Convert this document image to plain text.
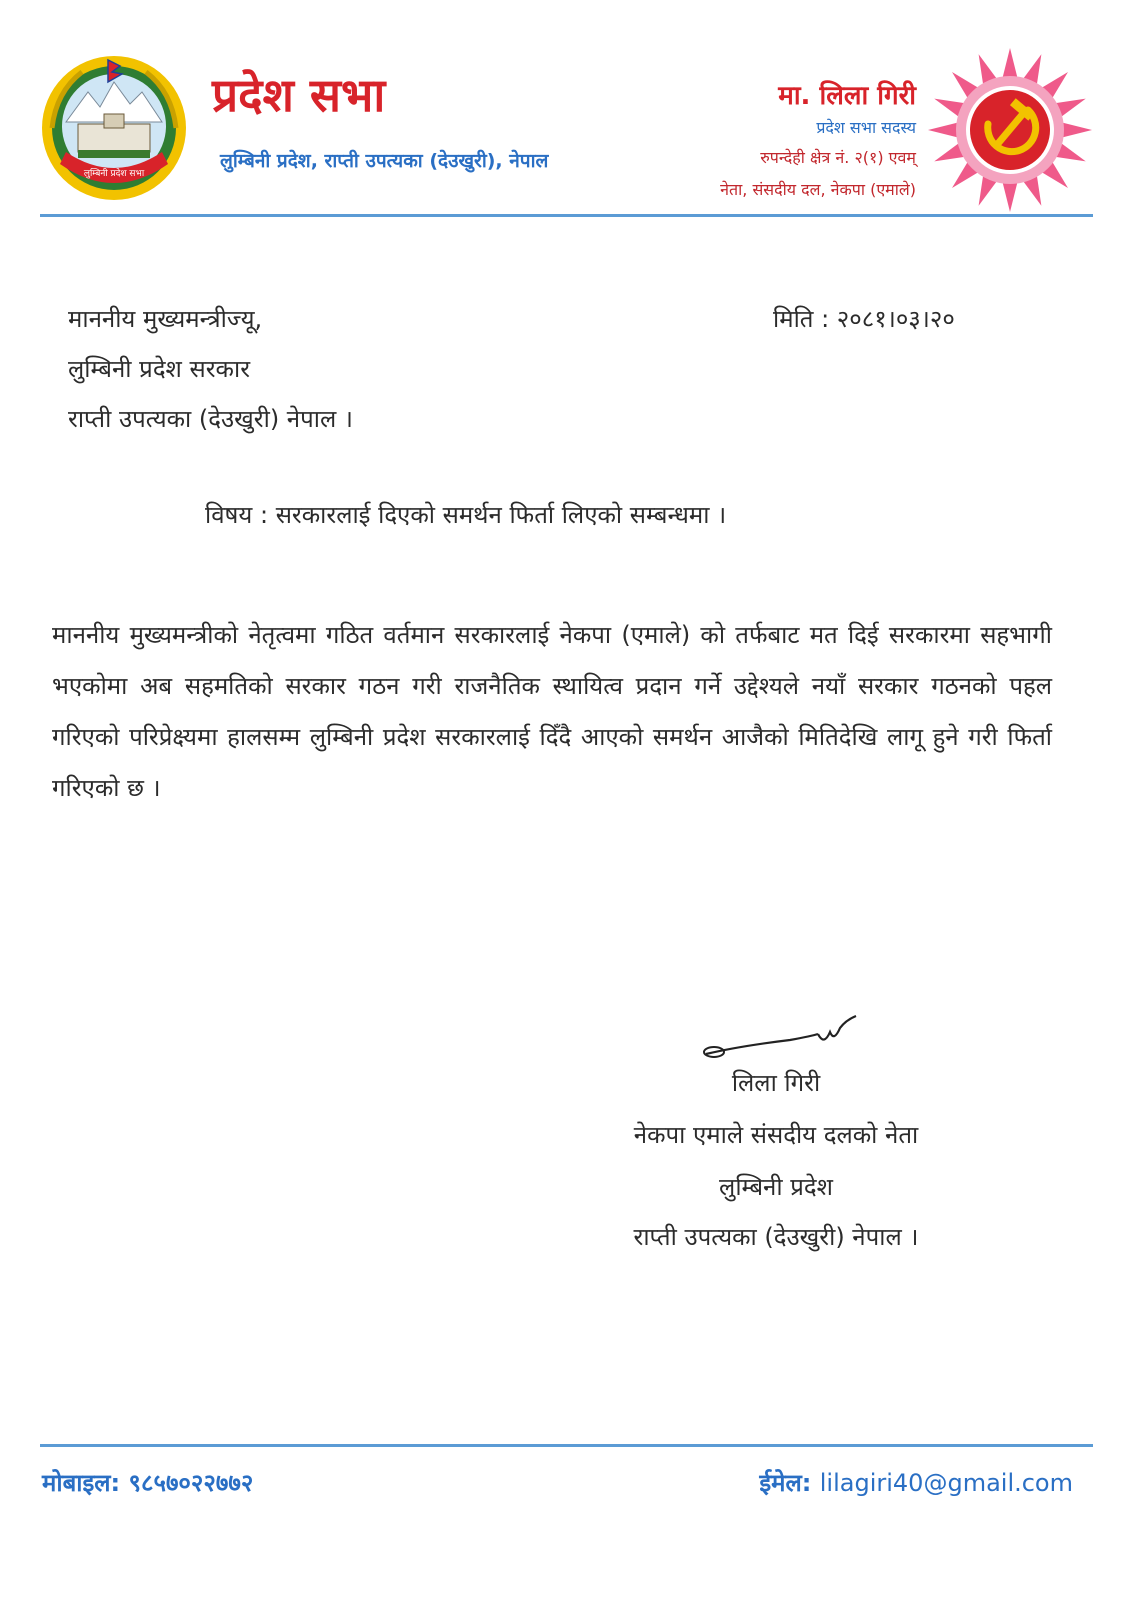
लुम्बिनी प्रदेश सभा
प्रदेश सभा
लुम्बिनी प्रदेश, राप्ती उपत्यका (देउखुरी), नेपाल
मा. लिला गिरी
प्रदेश सभा सदस्य
रुपन्देही क्षेत्र नं. २(१) एवम्
नेता, संसदीय दल, नेकपा (एमाले)
माननीय मुख्यमन्त्रीज्यू,
लुम्बिनी प्रदेश सरकार
राप्ती उपत्यका (देउखुरी) नेपाल ।
मिति : २०८१।०३।२०
विषय : सरकारलाई दिएको समर्थन फिर्ता लिएको सम्बन्धमा ।
माननीय मुख्यमन्त्रीको नेतृत्वमा गठित वर्तमान सरकारलाई नेकपा (एमाले) को तर्फबाट मत दिई सरकारमा सहभागी भएकोमा अब सहमतिको सरकार गठन गरी राजनैतिक स्थायित्व प्रदान गर्ने उद्देश्यले नयाँ सरकार गठनको पहल गरिएको परिप्रेक्ष्यमा हालसम्म लुम्बिनी प्रदेश सरकारलाई दिँदै आएको समर्थन आजैको मितिदेखि लागू हुने गरी फिर्ता गरिएको छ ।
लिला गिरी
नेकपा एमाले संसदीय दलको नेता
लुम्बिनी प्रदेश
राप्ती उपत्यका (देउखुरी) नेपाल ।
मोबाइल: ९८५७०२२७७२	ईमेल: lilagiri40@gmail.com
